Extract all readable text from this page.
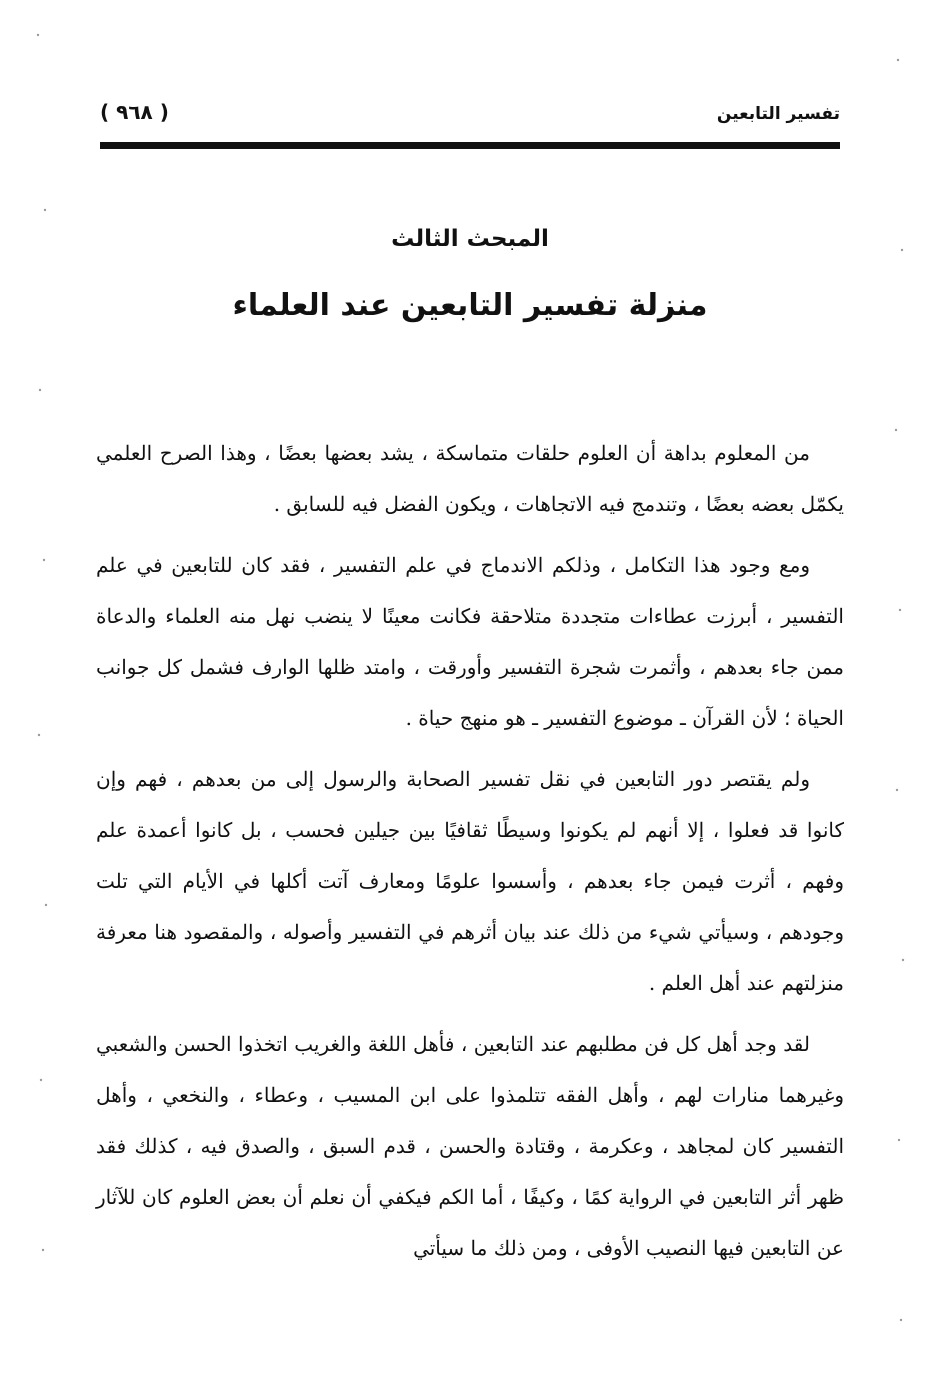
( ٩٦٨ )	تفسير التابعين
المبحث الثالث
منزلة تفسير التابعين عند العلماء

من المعلوم بداهة أن العلوم حلقات متماسكة ، يشد بعضها بعضًا ، وهذا الصرح العلمي يكمّل بعضه بعضًا ، وتندمج فيه الاتجاهات ، ويكون الفضل فيه للسابق .

ومع وجود هذا التكامل ، وذلكم الاندماج في علم التفسير ، فقد كان للتابعين في علم التفسير ، أبرزت عطاءات متجددة متلاحقة فكانت معينًا لا ينضب نهل منه العلماء والدعاة ممن جاء بعدهم ، وأثمرت شجرة التفسير وأورقت ، وامتد ظلها الوارف فشمل كل جوانب الحياة ؛ لأن القرآن ـ موضوع التفسير ـ هو منهج حياة .

ولم يقتصر دور التابعين في نقل تفسير الصحابة والرسول إلى من بعدهم ، فهم وإن كانوا قد فعلوا ، إلا أنهم لم يكونوا وسيطًا ثقافيًا بين جيلين فحسب ، بل كانوا أعمدة علم وفهم ، أثرت فيمن جاء بعدهم ، وأسسوا علومًا ومعارف آتت أكلها في الأيام التي تلت وجودهم ، وسيأتي شيء من ذلك عند بيان أثرهم في التفسير وأصوله ، والمقصود هنا معرفة منزلتهم عند أهل العلم .

لقد وجد أهل كل فن مطلبهم عند التابعين ، فأهل اللغة والغريب اتخذوا الحسن والشعبي وغيرهما منارات لهم ، وأهل الفقه تتلمذوا على ابن المسيب ، وعطاء ، والنخعي ، وأهل التفسير كان لمجاهد ، وعكرمة ، وقتادة والحسن ، قدم السبق ، والصدق فيه ، كذلك فقد ظهر أثر التابعين في الرواية كمًا ، وكيفًا ، أما الكم فيكفي أن نعلم أن بعض العلوم كان للآثار عن التابعين فيها النصيب الأوفى ، ومن ذلك ما سيأتي
